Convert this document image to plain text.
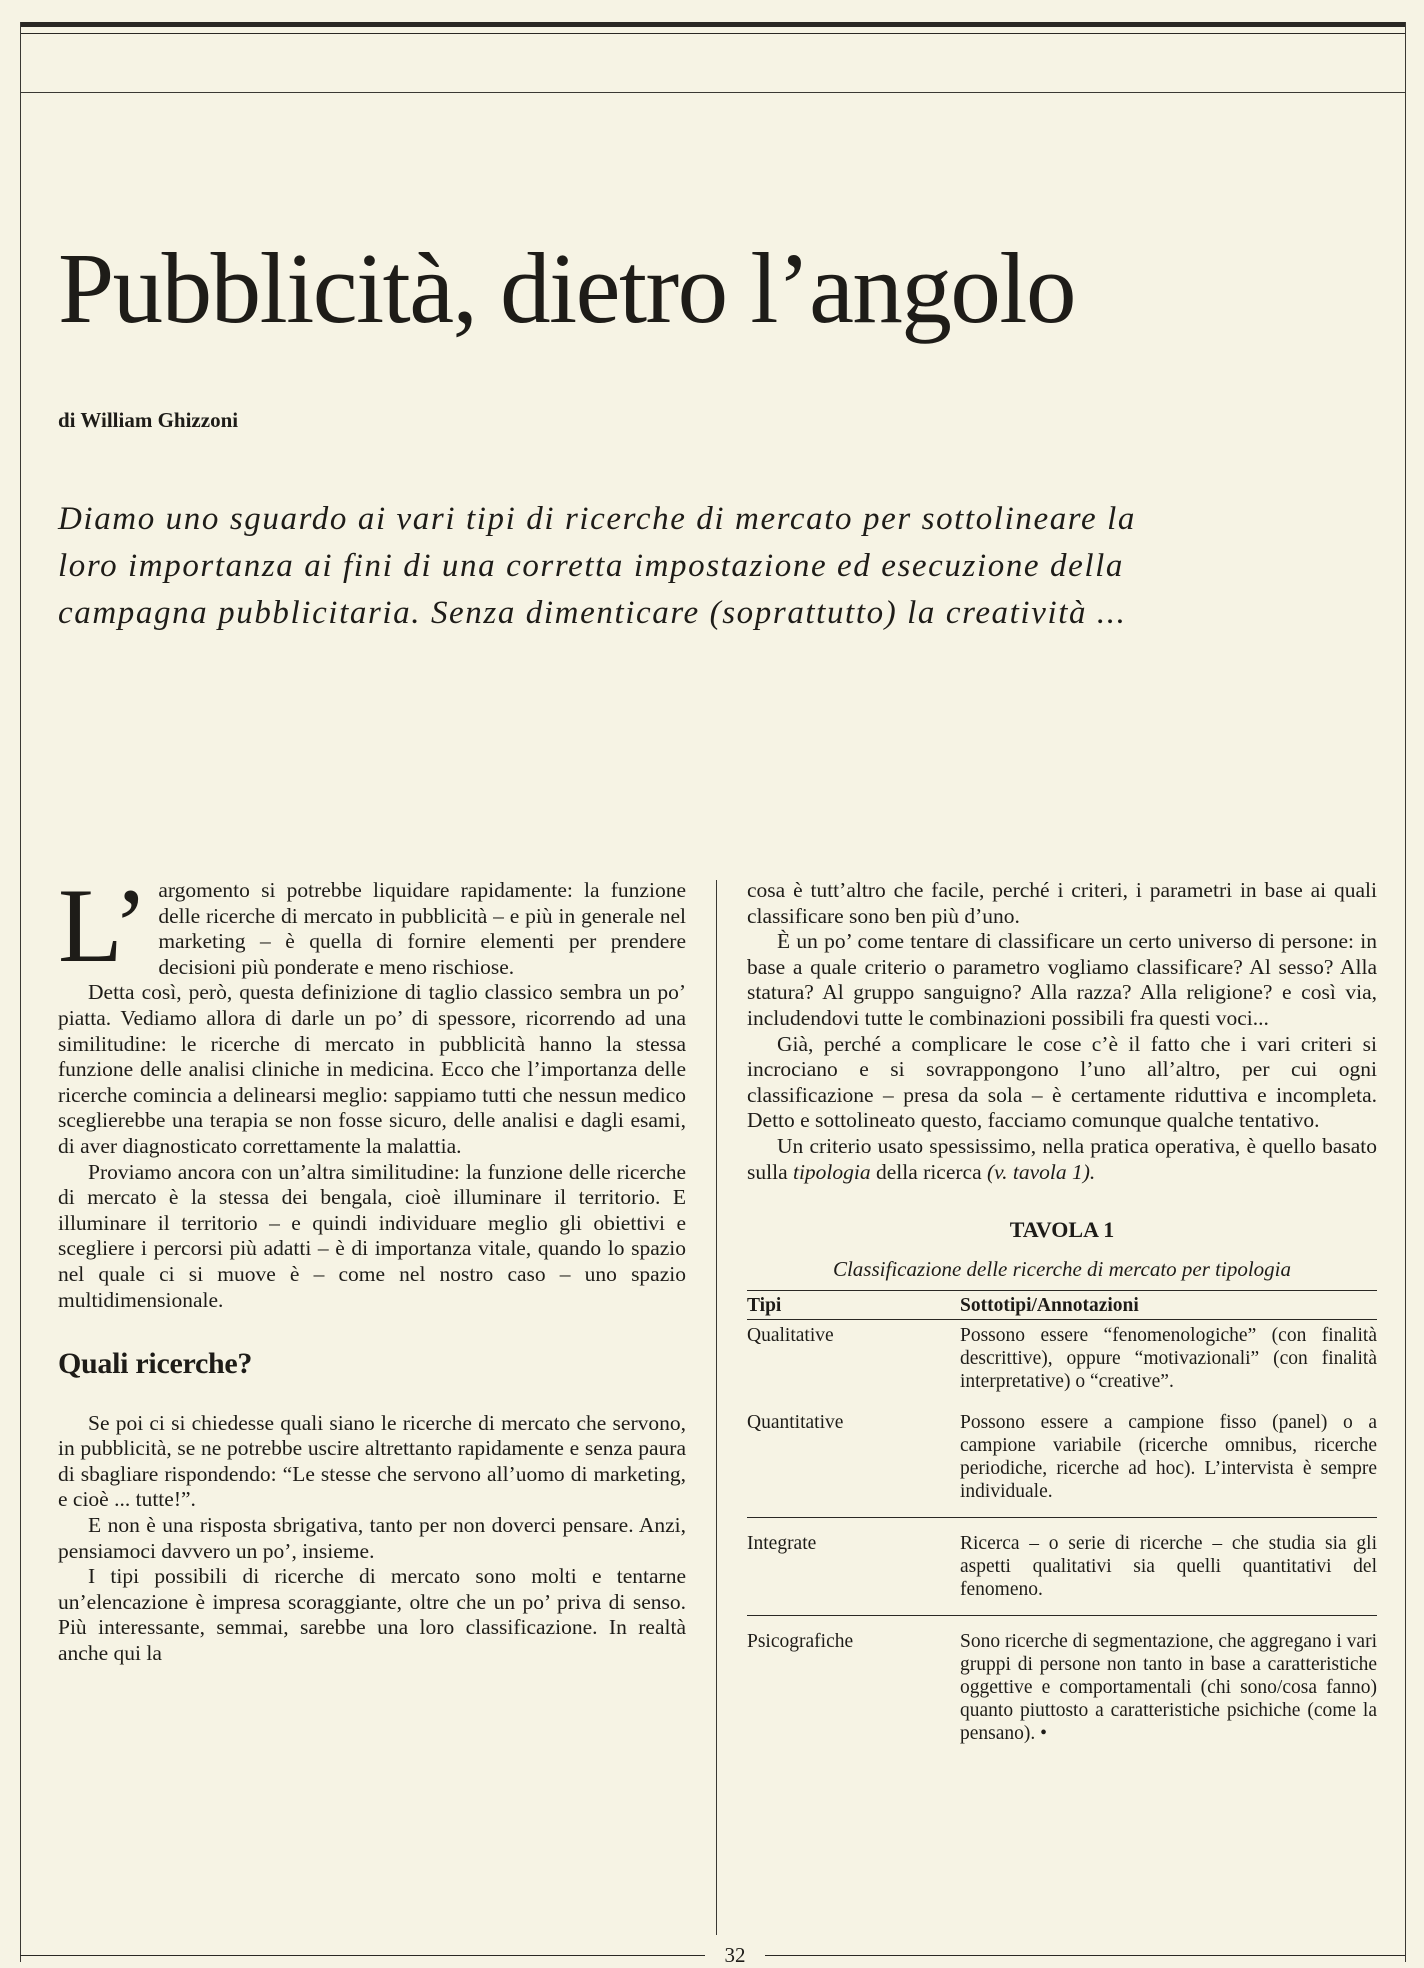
Pubblicità, dietro l’angolo
di William Ghizzoni
Diamo uno sguardo ai vari tipi di ricerche di mercato per sottolineare la loro importanza ai fini di una corretta impostazione ed esecuzione della campagna pubblicitaria. Senza dimenticare (soprattutto) la creatività ...

L’ argomento si potrebbe liquidare rapidamente: la funzione delle ricerche di mercato in pubblicità – e più in generale nel marketing – è quella di fornire elementi per prendere decisioni più ponderate e meno rischiose.

Detta così, però, questa definizione di taglio classico sembra un po’ piatta. Vediamo allora di darle un po’ di spessore, ricorrendo ad una similitudine: le ricerche di mercato in pubblicità hanno la stessa funzione delle analisi cliniche in medicina. Ecco che l’importanza delle ricerche comincia a delinearsi meglio: sappiamo tutti che nessun medico sceglierebbe una terapia se non fosse sicuro, delle analisi e dagli esami, di aver diagnosticato correttamente la malattia.

Proviamo ancora con un’altra similitudine: la funzione delle ricerche di mercato è la stessa dei bengala, cioè illuminare il territorio. E illuminare il territorio – e quindi individuare meglio gli obiettivi e scegliere i percorsi più adatti – è di importanza vitale, quando lo spazio nel quale ci si muove è – come nel nostro caso – uno spazio multidimensionale.

Quali ricerche?

Se poi ci si chiedesse quali siano le ricerche di mercato che servono, in pubblicità, se ne potrebbe uscire altrettanto rapidamente e senza paura di sbagliare rispondendo: “Le stesse che servono all’uomo di marketing, e cioè ... tutte!”.

E non è una risposta sbrigativa, tanto per non doverci pensare. Anzi, pensiamoci davvero un po’, insieme.

I tipi possibili di ricerche di mercato sono molti e tentarne un’elencazione è impresa scoraggiante, oltre che un po’ priva di senso. Più interessante, semmai, sarebbe una loro classificazione. In realtà anche qui la

cosa è tutt’altro che facile, perché i criteri, i parametri in base ai quali classificare sono ben più d’uno.

È un po’ come tentare di classificare un certo universo di persone: in base a quale criterio o parametro vogliamo classificare? Al sesso? Alla statura? Al gruppo sanguigno? Alla razza? Alla religione? e così via, includendovi tutte le combinazioni possibili fra questi voci...

Già, perché a complicare le cose c’è il fatto che i vari criteri si incrociano e si sovrappongono l’uno all’altro, per cui ogni classificazione – presa da sola – è certamente riduttiva e incompleta. Detto e sottolineato questo, facciamo comunque qualche tentativo.

Un criterio usato spessissimo, nella pratica operativa, è quello basato sulla tipologia della ricerca (v. tavola 1).

TAVOLA 1
Classificazione delle ricerche di mercato per tipologia
Tipi	Sottotipi/Annotazioni
Qualitative	Possono essere “fenomenologiche” (con finalità descrittive), oppure “motivazionali” (con finalità interpretative) o “creative”.
Quantitative	Possono essere a campione fisso (panel) o a campione variabile (ricerche omnibus, ricerche periodiche, ricerche ad hoc). L’intervista è sempre individuale.
Integrate	Ricerca – o serie di ricerche – che studia sia gli aspetti qualitativi sia quelli quantitativi del fenomeno.
Psicografiche	Sono ricerche di segmentazione, che aggregano i vari gruppi di persone non tanto in base a caratteristiche oggettive e comportamentali (chi sono/cosa fanno) quanto piuttosto a caratteristiche psichiche (come la pensano). •
32
